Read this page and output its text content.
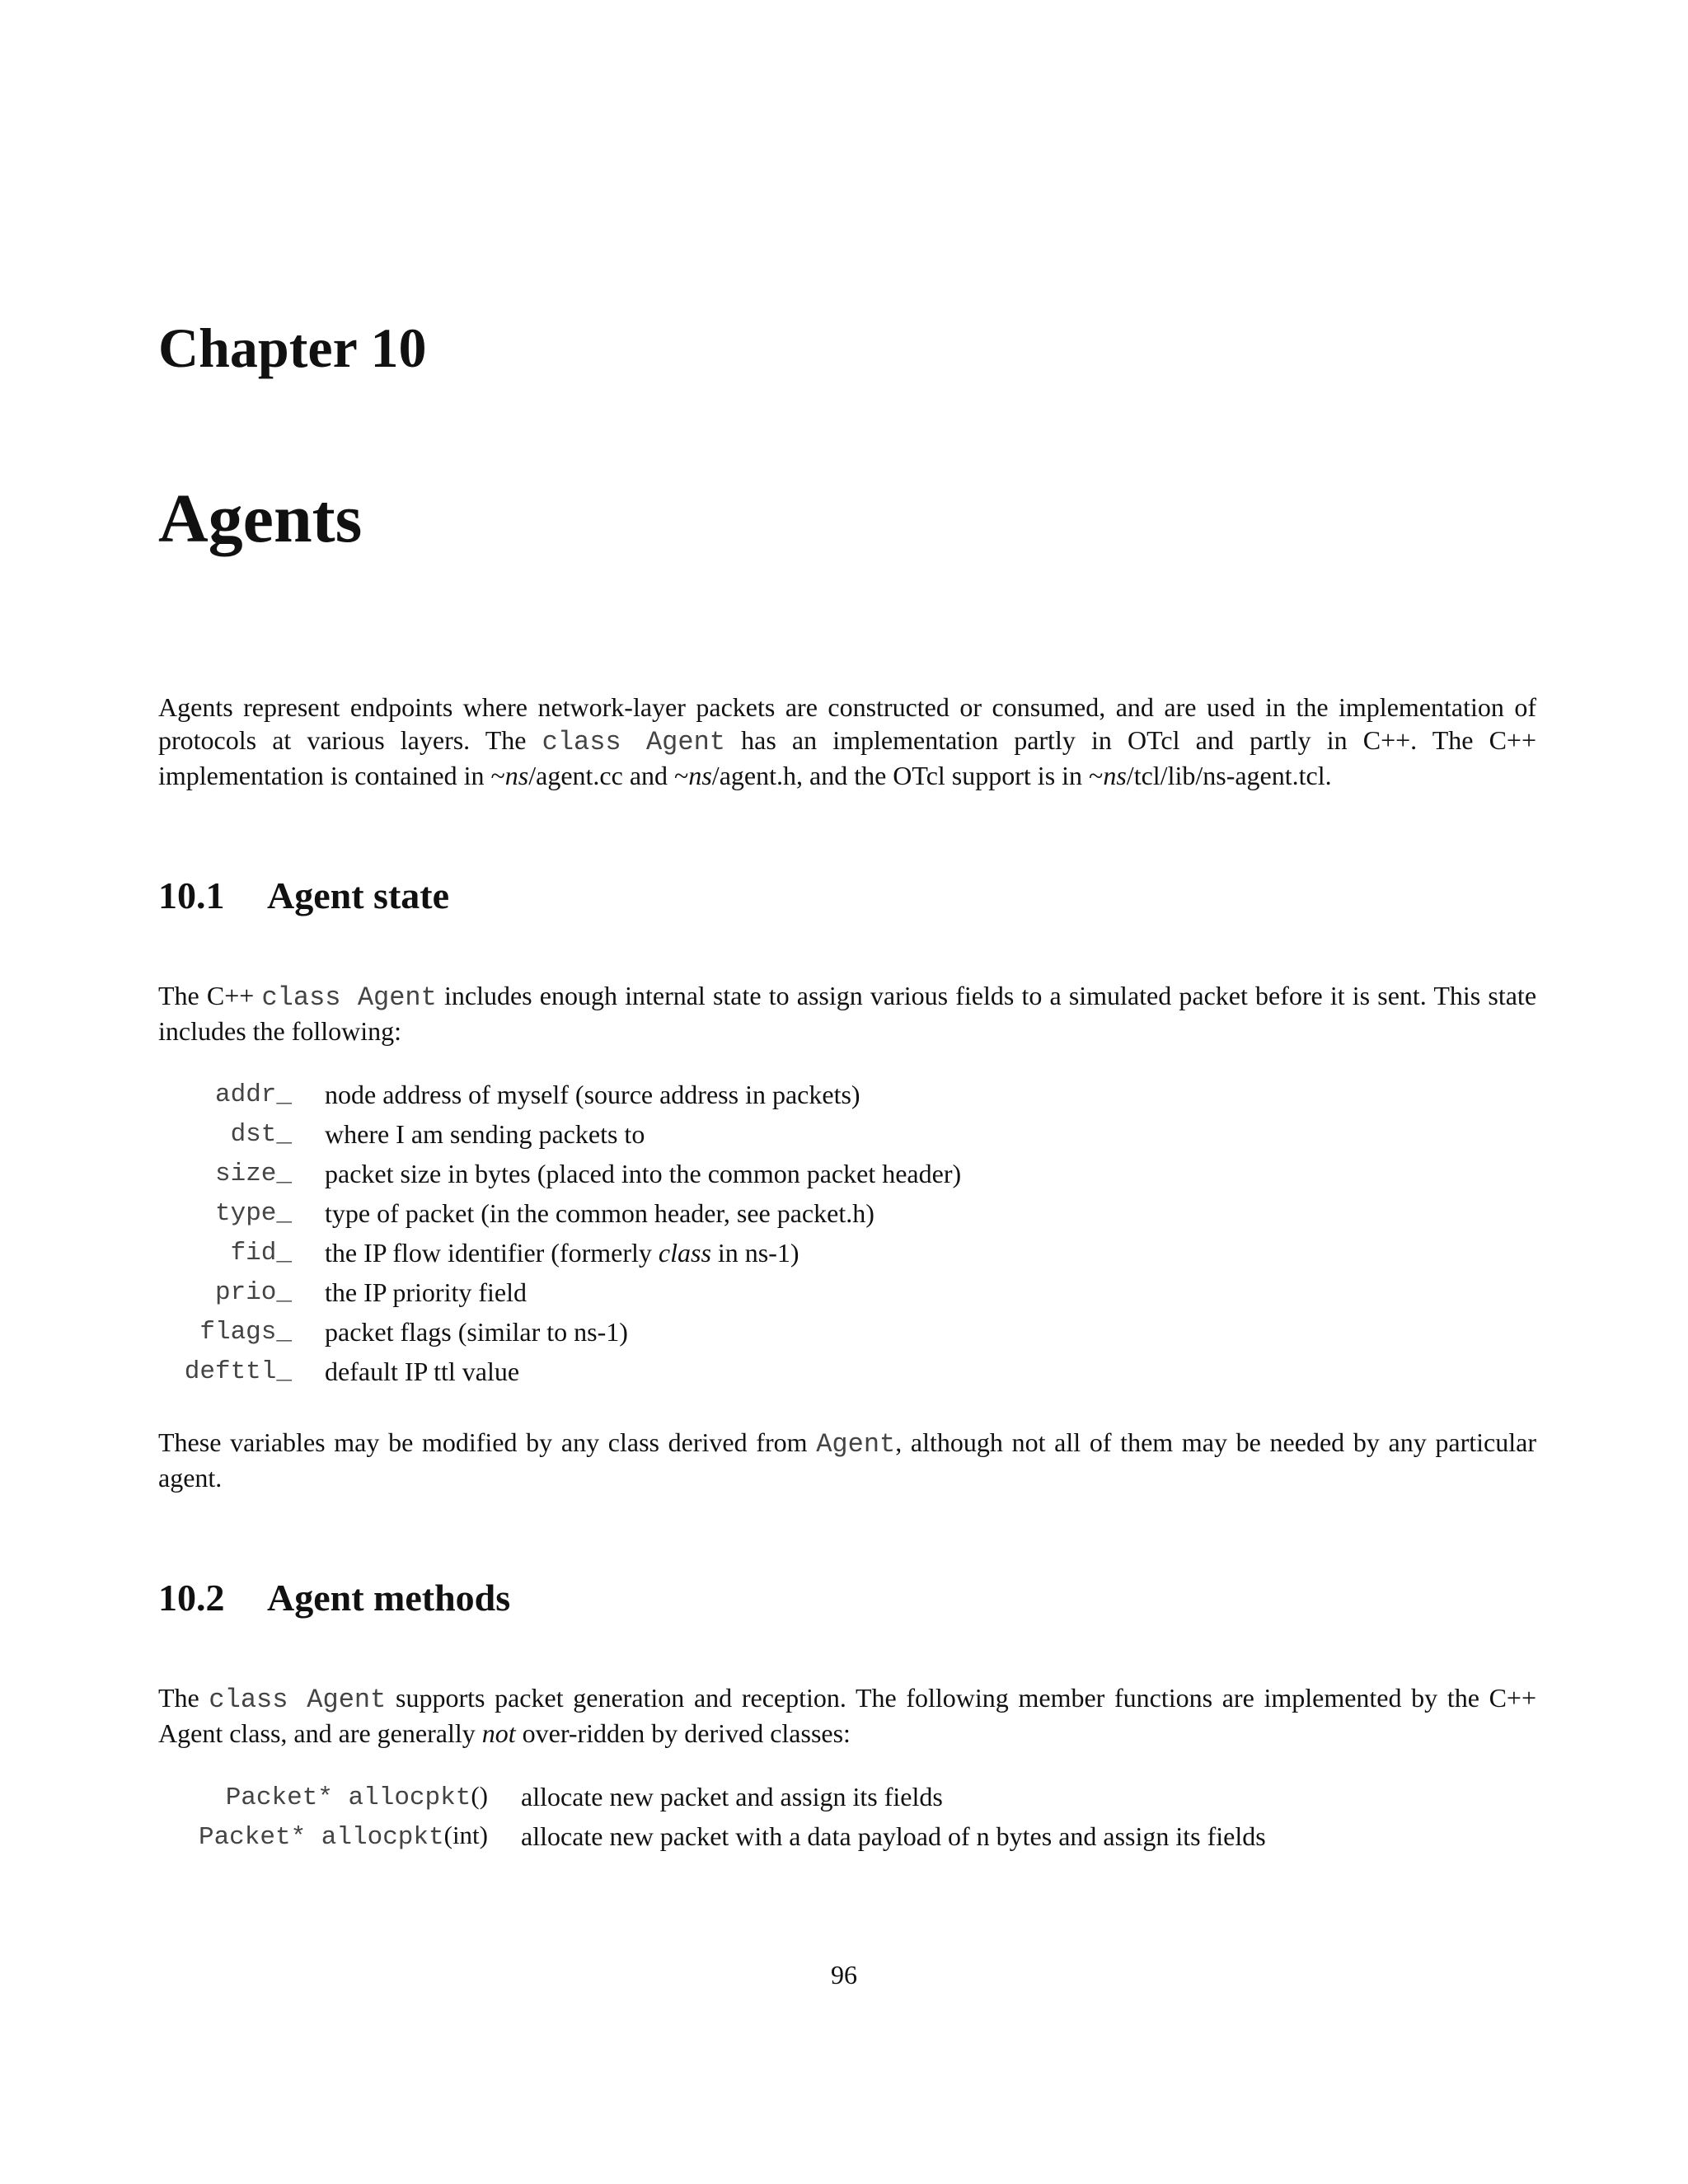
Chapter 10
Agents

Agents represent endpoints where network-layer packets are constructed or consumed, and are used in the implementation of protocols at various layers. The class Agent has an implementation partly in OTcl and partly in C++. The C++ implementation is contained in ~ns/agent.cc and ~ns/agent.h, and the OTcl support is in ~ns/tcl/lib/ns-agent.tcl.

10.1 Agent state

The C++ class Agent includes enough internal state to assign various fields to a simulated packet before it is sent. This state includes the following:

addr_	node address of myself (source address in packets)
dst_	where I am sending packets to
size_	packet size in bytes (placed into the common packet header)
type_	type of packet (in the common header, see packet.h)
fid_	the IP flow identifier (formerly class in ns-1)
prio_	the IP priority field
flags_	packet flags (similar to ns-1)
defttl_	default IP ttl value

These variables may be modified by any class derived from Agent, although not all of them may be needed by any particular agent.

10.2 Agent methods

The class Agent supports packet generation and reception. The following member functions are implemented by the C++ Agent class, and are generally not over-ridden by derived classes:

Packet* allocpkt()	allocate new packet and assign its fields
Packet* allocpkt(int)	allocate new packet with a data payload of n bytes and assign its fields
96
